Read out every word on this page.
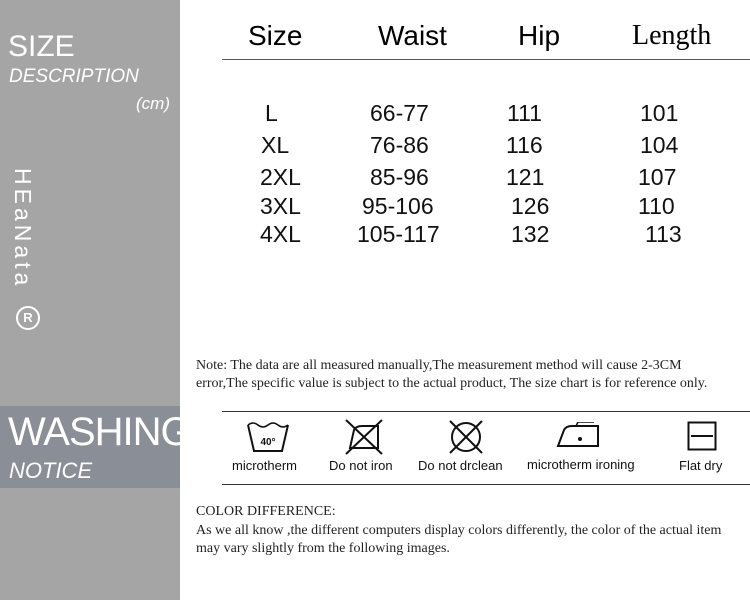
SIZE
DESCRIPTION
(cm)
HEaNata
R
WASHING
NOTICE
Size	Waist	Hip	Length
L	66-77	111	101
XL	76-86	116	104
2XL	85-96	121	107
3XL	95-106	126	110
4XL 105-117	132	113
Note: The data are all measured manually,The measurement method will cause 2-3CM
error,The specific value is subject to the actual product, The size chart is for reference only.
40°
microtherm Do not iron Do not drclean microtherm ironing	Flat dry
COLOR DIFFERENCE:
As we all know ,the different computers display colors differently, the color of the actual item
may vary slightly from the following images.
